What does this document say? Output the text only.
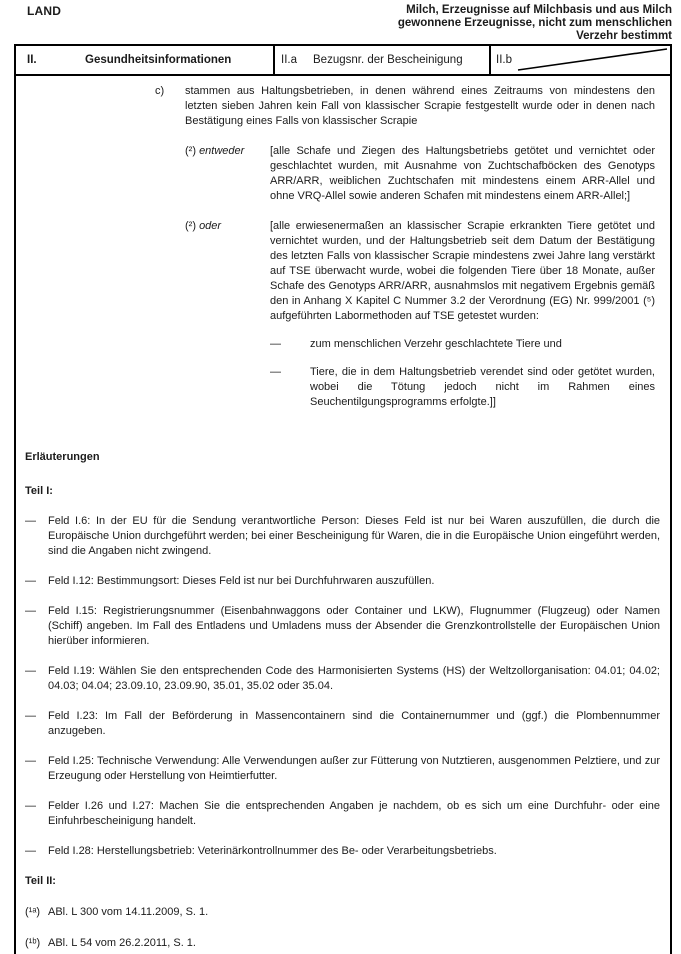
LAND	Milch, Erzeugnisse auf Milchbasis und aus Milch
gewonnene Erzeugnisse, nicht zum menschlichen
Verzehr bestimmt
II.	Gesundheitsinformationen	II.a	Bezugsnr. der Bescheinigung	II.b
c)	stammen aus Haltungsbetrieben, in denen während eines Zeitraums von mindestens den letzten sieben Jahren kein Fall von klassischer Scrapie festgestellt wurde oder in denen nach Bestätigung eines Falls von klassischer Scrapie
(²) entweder	[alle Schafe und Ziegen des Haltungsbetriebs getötet und vernichtet oder geschlachtet wurden, mit Ausnahme von Zuchtschafböcken des Genotyps ARR/ARR, weiblichen Zuchtschafen mit mindestens einem ARR-Allel und ohne VRQ-Allel sowie anderen Schafen mit mindestens einem ARR-Allel;]
(²) oder	[alle erwiesenermaßen an klassischer Scrapie erkrankten Tiere getötet und vernichtet wurden, und der Haltungsbetrieb seit dem Datum der Bestätigung des letzten Falls von klassischer Scrapie mindestens zwei Jahre lang verstärkt auf TSE überwacht wurde, wobei die folgenden Tiere über 18 Monate, außer Schafe des Genotyps ARR/ARR, ausnahmslos mit negativem Ergebnis gemäß den in Anhang X Kapitel C Nummer 3.2 der Verordnung (EG) Nr. 999/2001 (⁵) aufgeführten Labormethoden auf TSE getestet wurden:
—	zum menschlichen Verzehr geschlachtete Tiere und
—	Tiere, die in dem Haltungsbetrieb verendet sind oder getötet wurden, wobei die Tötung jedoch nicht im Rahmen eines Seuchentilgungsprogramms erfolgte.]]
Erläuterungen
Teil I:
—	Feld I.6: In der EU für die Sendung verantwortliche Person: Dieses Feld ist nur bei Waren auszufüllen, die durch die Europäische Union durchgeführt werden; bei einer Bescheinigung für Waren, die in die Europäische Union eingeführt werden, sind die Angaben nicht zwingend.
—	Feld I.12: Bestimmungsort: Dieses Feld ist nur bei Durchfuhrwaren auszufüllen.
—	Feld I.15: Registrierungsnummer (Eisenbahnwaggons oder Container und LKW), Flugnummer (Flugzeug) oder Namen (Schiff) angeben. Im Fall des Entladens und Umladens muss der Absender die Grenzkontrollstelle der Europäischen Union hierüber informieren.
—	Feld I.19: Wählen Sie den entsprechenden Code des Harmonisierten Systems (HS) der Weltzollorganisation: 04.01; 04.02; 04.03; 04.04; 23.09.10, 23.09.90, 35.01, 35.02 oder 35.04.
—	Feld I.23: Im Fall der Beförderung in Massencontainern sind die Containernummer und (ggf.) die Plombennummer anzugeben.
—	Feld I.25: Technische Verwendung: Alle Verwendungen außer zur Fütterung von Nutztieren, ausgenommen Pelztiere, und zur Erzeugung oder Herstellung von Heimtierfutter.
—	Felder I.26 und I.27: Machen Sie die entsprechenden Angaben je nachdem, ob es sich um eine Durchfuhr- oder eine Einfuhrbescheinigung handelt.
—	Feld I.28: Herstellungsbetrieb: Veterinärkontrollnummer des Be- oder Verarbeitungsbetriebs.
Teil II:
(¹ᵃ) ABl. L 300 vom 14.11.2009, S. 1.
(¹ᵇ) ABl. L 54 vom 26.2.2011, S. 1.
